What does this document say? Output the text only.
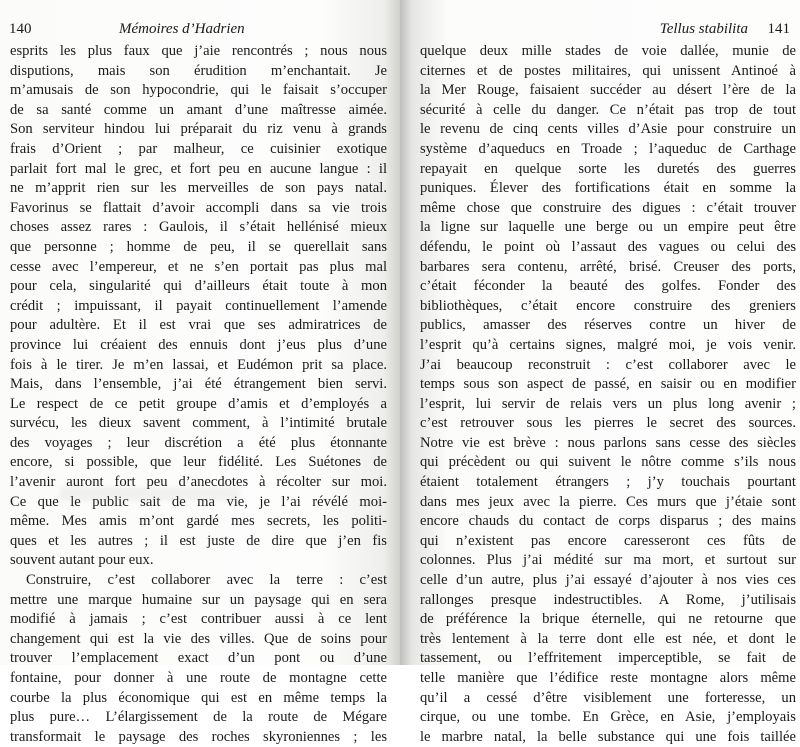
140	Mémoires d’Hadrien
esprits les plus faux que j’aie rencontrés ; nous nous
disputions, mais son érudition m’enchantait. Je
m’amusais de son hypocondrie, qui le faisait s’occuper
de sa santé comme un amant d’une maîtresse aimée.
Son serviteur hindou lui préparait du riz venu à grands
frais d’Orient ; par malheur, ce cuisinier exotique
parlait fort mal le grec, et fort peu en aucune langue : il
ne m’apprit rien sur les merveilles de son pays natal.
Favorinus se flattait d’avoir accompli dans sa vie trois
choses assez rares : Gaulois, il s’était hellénisé mieux
que personne ; homme de peu, il se querellait sans
cesse avec l’empereur, et ne s’en portait pas plus mal
pour cela, singularité qui d’ailleurs était toute à mon
crédit ; impuissant, il payait continuellement l’amende
pour adultère. Et il est vrai que ses admiratrices de
province lui créaient des ennuis dont j’eus plus d’une
fois à le tirer. Je m’en lassai, et Eudémon prit sa place.
Mais, dans l’ensemble, j’ai été étrangement bien servi.
Le respect de ce petit groupe d’amis et d’employés a
survécu, les dieux savent comment, à l’intimité brutale
des voyages ; leur discrétion a été plus étonnante
encore, si possible, que leur fidélité. Les Suétones de
l’avenir auront fort peu d’anecdotes à récolter sur moi.
Ce que le public sait de ma vie, je l’ai révélé moi-
même. Mes amis m’ont gardé mes secrets, les politi-
ques et les autres ; il est juste de dire que j’en fis
souvent autant pour eux.
Construire, c’est collaborer avec la terre : c’est
mettre une marque humaine sur un paysage qui en sera
modifié à jamais ; c’est contribuer aussi à ce lent
changement qui est la vie des villes. Que de soins pour
trouver l’emplacement exact d’un pont ou d’une
fontaine, pour donner à une route de montagne cette
courbe la plus économique qui est en même temps la
plus pure… L’élargissement de la route de Mégare
transformait le paysage des roches skyroniennes ; les
Tellus stabilita 141
quelque deux mille stades de voie dallée, munie de
citernes et de postes militaires, qui unissent Antinoé à
la Mer Rouge, faisaient succéder au désert l’ère de la
sécurité à celle du danger. Ce n’était pas trop de tout
le revenu de cinq cents villes d’Asie pour construire un
système d’aqueducs en Troade ; l’aqueduc de Carthage
repayait en quelque sorte les duretés des guerres
puniques. Élever des fortifications était en somme la
même chose que construire des digues : c’était trouver
la ligne sur laquelle une berge ou un empire peut être
défendu, le point où l’assaut des vagues ou celui des
barbares sera contenu, arrêté, brisé. Creuser des ports,
c’était féconder la beauté des golfes. Fonder des
bibliothèques, c’était encore construire des greniers
publics, amasser des réserves contre un hiver de
l’esprit qu’à certains signes, malgré moi, je vois venir.
J’ai beaucoup reconstruit : c’est collaborer avec le
temps sous son aspect de passé, en saisir ou en modifier
l’esprit, lui servir de relais vers un plus long avenir ;
c’est retrouver sous les pierres le secret des sources.
Notre vie est brève : nous parlons sans cesse des siècles
qui précèdent ou qui suivent le nôtre comme s’ils nous
étaient totalement étrangers ; j’y touchais pourtant
dans mes jeux avec la pierre. Ces murs que j’étaie sont
encore chauds du contact de corps disparus ; des mains
qui n’existent pas encore caresseront ces fûts de
colonnes. Plus j’ai médité sur ma mort, et surtout sur
celle d’un autre, plus j’ai essayé d’ajouter à nos vies ces
rallonges presque indestructibles. A Rome, j’utilisais
de préférence la brique éternelle, qui ne retourne que
très lentement à la terre dont elle est née, et dont le
tassement, ou l’effritement imperceptible, se fait de
telle manière que l’édifice reste montagne alors même
qu’il a cessé d’être visiblement une forteresse, un
cirque, ou une tombe. En Grèce, en Asie, j’employais
le marbre natal, la belle substance qui une fois taillée
